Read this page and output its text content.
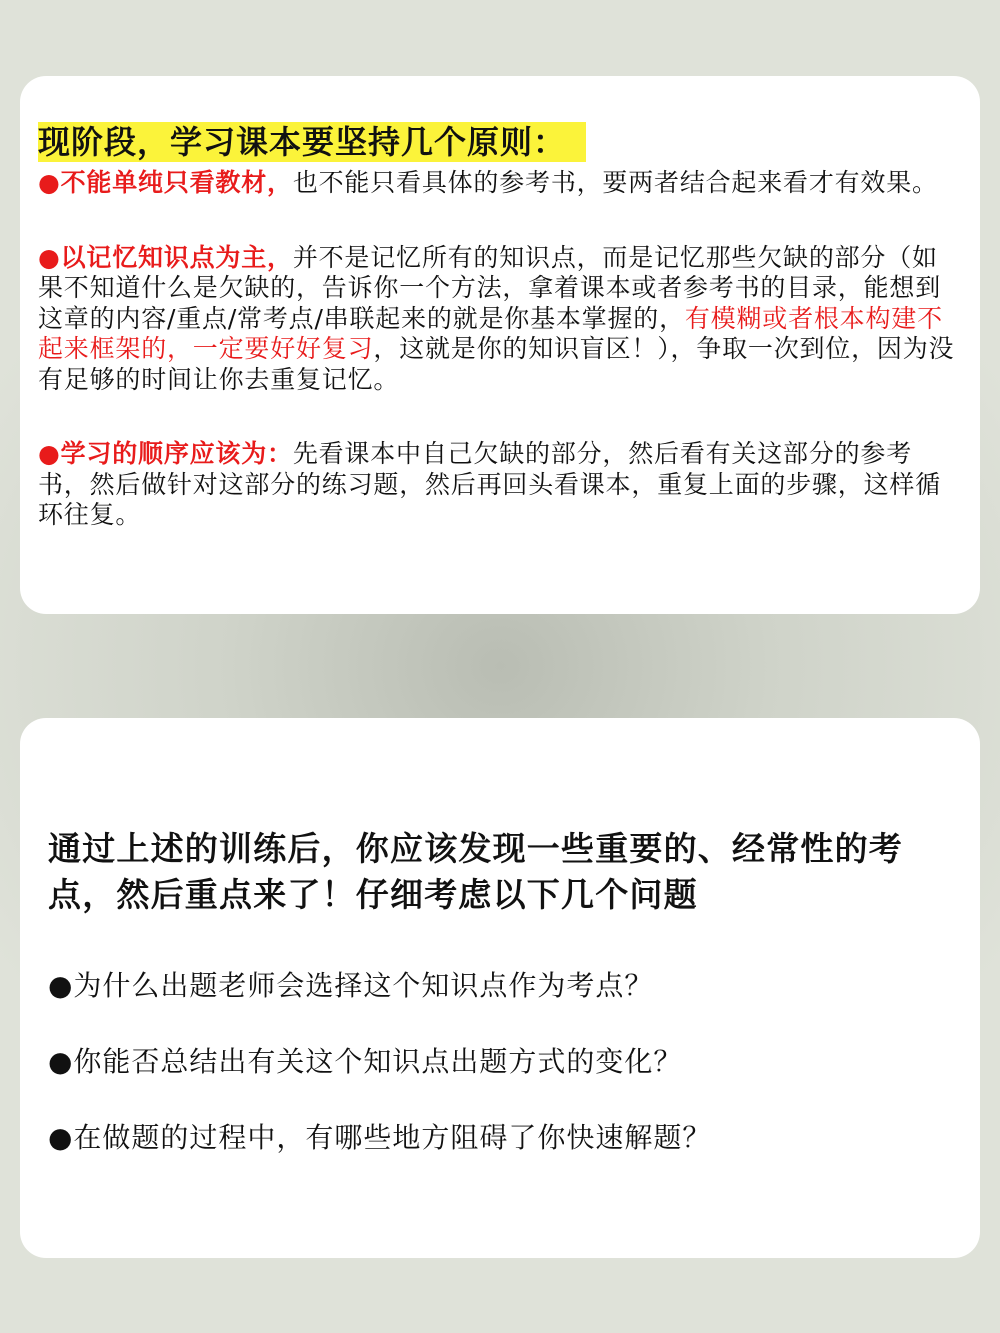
现阶段，学习课本要坚持几个原则：

●不能单纯只看教材，也不能只看具体的参考书，要两者结合起来看才有效果。

●以记忆知识点为主，并不是记忆所有的知识点，而是记忆那些欠缺的部分（如果不知道什么是欠缺的，告诉你一个方法，拿着课本或者参考书的目录，能想到这章的内容/重点/常考点/串联起来的就是你基本掌握的，有模糊或者根本构建不起来框架的，一定要好好复习，这就是你的知识盲区！），争取一次到位，因为没有足够的时间让你去重复记忆。

●学习的顺序应该为：先看课本中自己欠缺的部分，然后看有关这部分的参考书，然后做针对这部分的练习题，然后再回头看课本，重复上面的步骤，这样循环往复。

通过上述的训练后，你应该发现一些重要的、经常性的考点，然后重点来了！仔细考虑以下几个问题

●为什么出题老师会选择这个知识点作为考点？

●你能否总结出有关这个知识点出题方式的变化？

●在做题的过程中，有哪些地方阻碍了你快速解题？
